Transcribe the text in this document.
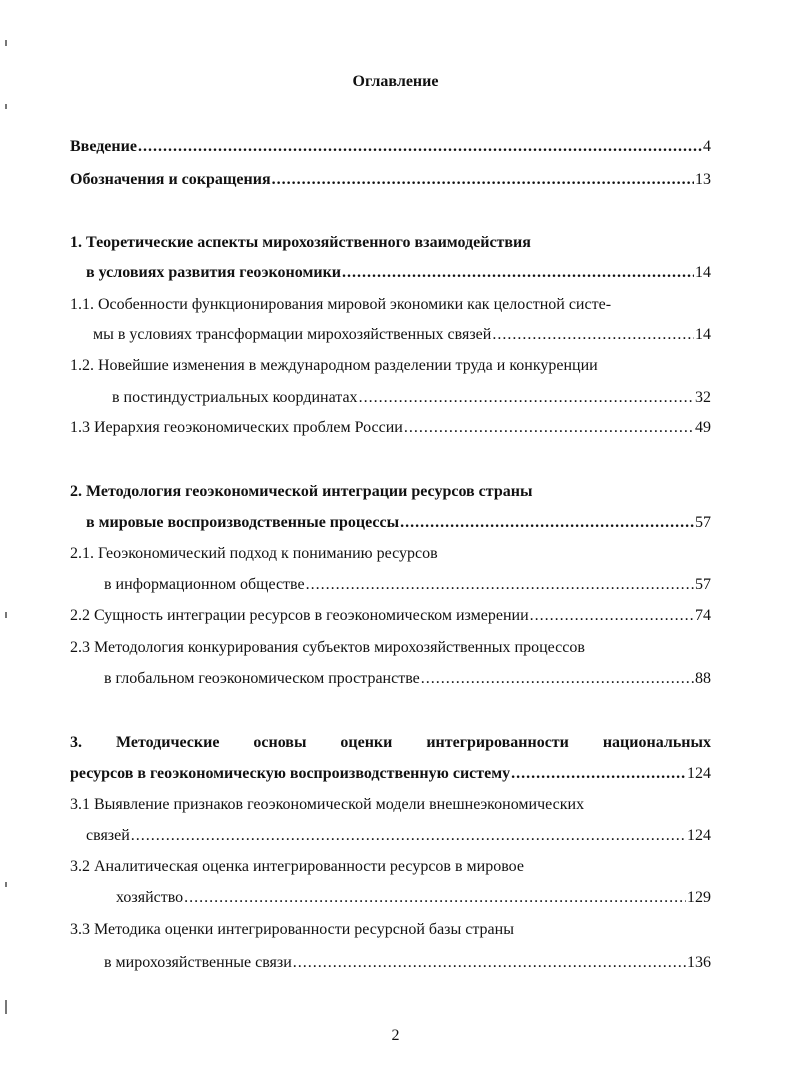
Оглавление
Введение .....	4
Обозначения и сокращения .....	13
1. Теоретические аспекты мирохозяйственного взаимодействия
в условиях развития геоэкономики .....	14
1.1. Особенности функционирования мировой экономики как целостной систе-
мы в условиях трансформации мирохозяйственных связей .....	14
1.2. Новейшие изменения в международном разделении труда и конкуренции
в постиндустриальных координатах .....	32
1.3 Иерархия геоэкономических проблем России .....	49
2. Методология геоэкономической интеграции ресурсов страны
в мировые воспроизводственные процессы .....	57
2.1. Геоэкономический подход к пониманию ресурсов
в информационном обществе .....	57
2.2 Сущность интеграции ресурсов в геоэкономическом измерении .....	74
2.3 Методология конкурирования субъектов мирохозяйственных процессов
в глобальном геоэкономическом пространстве .....	88
3. Методические основы оценки интегрированности национальных
ресурсов в геоэкономическую воспроизводственную систему .....	124
3.1 Выявление признаков геоэкономической модели внешнеэкономических
связей .....	124
3.2 Аналитическая оценка интегрированности ресурсов в мировое
хозяйство .....	129
3.3 Методика оценки интегрированности ресурсной базы страны
в мирохозяйственные связи .....	136
2
